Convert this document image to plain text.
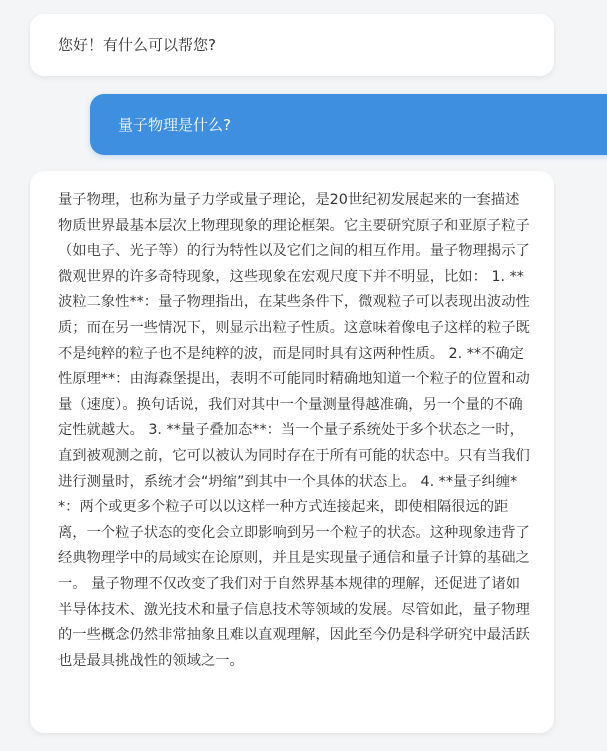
您好！有什么可以帮您?
量子物理是什么?

量子物理，也称为量子力学或量子理论，是20世纪初发展起来的一套描述物质世界最基本层次上物理现象的理论框架。它主要研究原子和亚原子粒子（如电子、光子等）的行为特性以及它们之间的相互作用。量子物理揭示了微观世界的许多奇特现象，这些现象在宏观尺度下并不明显，比如： 1. **波粒二象性**：量子物理指出，在某些条件下，微观粒子可以表现出波动性质；而在另一些情况下，则显示出粒子性质。这意味着像电子这样的粒子既不是纯粹的粒子也不是纯粹的波，而是同时具有这两种性质。 2. **不确定性原理**：由海森堡提出，表明不可能同时精确地知道一个粒子的位置和动量（速度）。换句话说，我们对其中一个量测量得越准确，另一个量的不确定性就越大。 3. **量子叠加态**：当一个量子系统处于多个状态之一时，直到被观测之前，它可以被认为同时存在于所有可能的状态中。只有当我们进行测量时，系统才会“坍缩”到其中一个具体的状态上。 4. **量子纠缠**：两个或更多个粒子可以以这样一种方式连接起来，即使相隔很远的距离，一个粒子状态的变化会立即影响到另一个粒子的状态。这种现象违背了经典物理学中的局域实在论原则，并且是实现量子通信和量子计算的基础之一。 量子物理不仅改变了我们对于自然界基本规律的理解，还促进了诸如半导体技术、激光技术和量子信息技术等领域的发展。尽管如此，量子物理的一些概念仍然非常抽象且难以直观理解，因此至今仍是科学研究中最活跃也是最具挑战性的领域之一。
